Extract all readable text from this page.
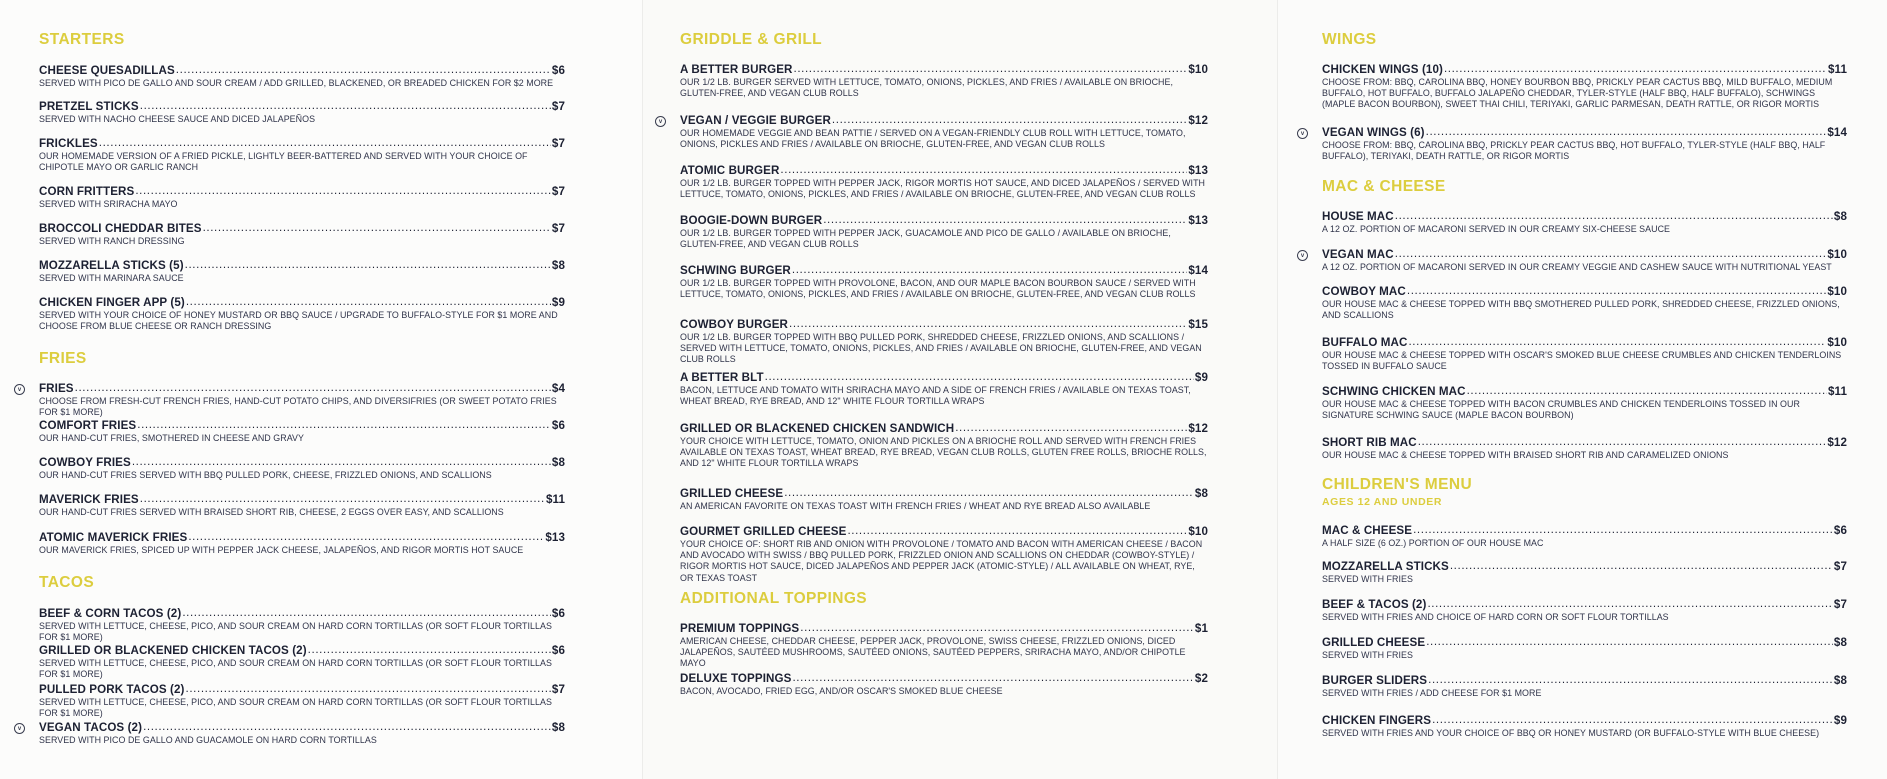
STARTERS
FRIES
TACOS
GRIDDLE & GRILL
ADDITIONAL TOPPINGS
WINGS
MAC & CHEESE
CHILDREN'S MENU
AGES 12 AND UNDER
CHEESE QUESADILLAS .....	$6
SERVED WITH PICO DE GALLO AND SOUR CREAM / ADD GRILLED, BLACKENED, OR BREADED CHICKEN FOR $2 MORE
PRETZEL STICKS .....	$7
SERVED WITH NACHO CHEESE SAUCE AND DICED JALAPEÑOS
FRICKLES .....	$7
OUR HOMEMADE VERSION OF A FRIED PICKLE, LIGHTLY BEER-BATTERED AND SERVED WITH YOUR CHOICE OF CHIPOTLE MAYO OR GARLIC RANCH
CORN FRITTERS .....	$7
SERVED WITH SRIRACHA MAYO
BROCCOLI CHEDDAR BITES .....	$7
SERVED WITH RANCH DRESSING
MOZZARELLA STICKS (5) .....	$8
SERVED WITH MARINARA SAUCE
CHICKEN FINGER APP (5) .....	$9
SERVED WITH YOUR CHOICE OF HONEY MUSTARD OR BBQ SAUCE / UPGRADE TO BUFFALO-STYLE FOR $1 MORE AND CHOOSE FROM BLUE CHEESE OR RANCH DRESSING
FRIES .....	$4
CHOOSE FROM FRESH-CUT FRENCH FRIES, HAND-CUT POTATO CHIPS, AND DIVERSIFRIES (OR SWEET POTATO FRIES FOR $1 MORE)
v
COMFORT FRIES .....	$6
OUR HAND-CUT FRIES, SMOTHERED IN CHEESE AND GRAVY
COWBOY FRIES .....	$8
OUR HAND-CUT FRIES SERVED WITH BBQ PULLED PORK, CHEESE, FRIZZLED ONIONS, AND SCALLIONS
MAVERICK FRIES .....	$11
OUR HAND-CUT FRIES SERVED WITH BRAISED SHORT RIB, CHEESE, 2 EGGS OVER EASY, AND SCALLIONS
ATOMIC MAVERICK FRIES .....	$13
OUR MAVERICK FRIES, SPICED UP WITH PEPPER JACK CHEESE, JALAPEÑOS, AND RIGOR MORTIS HOT SAUCE
BEEF & CORN TACOS (2) .....	$6
SERVED WITH LETTUCE, CHEESE, PICO, AND SOUR CREAM ON HARD CORN TORTILLAS (OR SOFT FLOUR TORTILLAS FOR $1 MORE)
GRILLED OR BLACKENED CHICKEN TACOS (2) .....	$6
SERVED WITH LETTUCE, CHEESE, PICO, AND SOUR CREAM ON HARD CORN TORTILLAS (OR SOFT FLOUR TORTILLAS FOR $1 MORE)
PULLED PORK TACOS (2) .....	$7
SERVED WITH LETTUCE, CHEESE, PICO, AND SOUR CREAM ON HARD CORN TORTILLAS (OR SOFT FLOUR TORTILLAS FOR $1 MORE)
VEGAN TACOS (2) .....	$8
SERVED WITH PICO DE GALLO AND GUACAMOLE ON HARD CORN TORTILLAS
v
A BETTER BURGER .....	$10
OUR 1/2 LB. BURGER SERVED WITH LETTUCE, TOMATO, ONIONS, PICKLES, AND FRIES / AVAILABLE ON BRIOCHE, GLUTEN-FREE, AND VEGAN CLUB ROLLS
VEGAN / VEGGIE BURGER .....	$12
OUR HOMEMADE VEGGIE AND BEAN PATTIE / SERVED ON A VEGAN-FRIENDLY CLUB ROLL WITH LETTUCE, TOMATO, ONIONS, PICKLES AND FRIES / AVAILABLE ON BRIOCHE, GLUTEN-FREE, AND VEGAN CLUB ROLLS
v
ATOMIC BURGER .....	$13
OUR 1/2 LB. BURGER TOPPED WITH PEPPER JACK, RIGOR MORTIS HOT SAUCE, AND DICED JALAPEÑOS / SERVED WITH LETTUCE, TOMATO, ONIONS, PICKLES, AND FRIES / AVAILABLE ON BRIOCHE, GLUTEN-FREE, AND VEGAN CLUB ROLLS
BOOGIE-DOWN BURGER .....	$13
OUR 1/2 LB. BURGER TOPPED WITH PEPPER JACK, GUACAMOLE AND PICO DE GALLO / AVAILABLE ON BRIOCHE, GLUTEN-FREE, AND VEGAN CLUB ROLLS
SCHWING BURGER .....	$14
OUR 1/2 LB. BURGER TOPPED WITH PROVOLONE, BACON, AND OUR MAPLE BACON BOURBON SAUCE / SERVED WITH LETTUCE, TOMATO, ONIONS, PICKLES, AND FRIES / AVAILABLE ON BRIOCHE, GLUTEN-FREE, AND VEGAN CLUB ROLLS
COWBOY BURGER .....	$15
OUR 1/2 LB. BURGER TOPPED WITH BBQ PULLED PORK, SHREDDED CHEESE, FRIZZLED ONIONS, AND SCALLIONS / SERVED WITH LETTUCE, TOMATO, ONIONS, PICKLES, AND FRIES / AVAILABLE ON BRIOCHE, GLUTEN-FREE, AND VEGAN CLUB ROLLS
A BETTER BLT .....	$9
BACON, LETTUCE AND TOMATO WITH SRIRACHA MAYO AND A SIDE OF FRENCH FRIES / AVAILABLE ON TEXAS TOAST, WHEAT BREAD, RYE BREAD, AND 12" WHITE FLOUR TORTILLA WRAPS
GRILLED OR BLACKENED CHICKEN SANDWICH .....	$12
YOUR CHOICE WITH LETTUCE, TOMATO, ONION AND PICKLES ON A BRIOCHE ROLL AND SERVED WITH FRENCH FRIES AVAILABLE ON TEXAS TOAST, WHEAT BREAD, RYE BREAD, VEGAN CLUB ROLLS, GLUTEN FREE ROLLS, BRIOCHE ROLLS, AND 12" WHITE FLOUR TORTILLA WRAPS
GRILLED CHEESE .....	$8
AN AMERICAN FAVORITE ON TEXAS TOAST WITH FRENCH FRIES / WHEAT AND RYE BREAD ALSO AVAILABLE
GOURMET GRILLED CHEESE .....	$10
YOUR CHOICE OF: SHORT RIB AND ONION WITH PROVOLONE / TOMATO AND BACON WITH AMERICAN CHEESE / BACON AND AVOCADO WITH SWISS / BBQ PULLED PORK, FRIZZLED ONION AND SCALLIONS ON CHEDDAR (COWBOY-STYLE) / RIGOR MORTIS HOT SAUCE, DICED JALAPEÑOS AND PEPPER JACK (ATOMIC-STYLE) / ALL AVAILABLE ON WHEAT, RYE, OR TEXAS TOAST
PREMIUM TOPPINGS .....	$1
AMERICAN CHEESE, CHEDDAR CHEESE, PEPPER JACK, PROVOLONE, SWISS CHEESE, FRIZZLED ONIONS, DICED JALAPEÑOS, SAUTÉED MUSHROOMS, SAUTÉED ONIONS, SAUTÉED PEPPERS, SRIRACHA MAYO, AND/OR CHIPOTLE MAYO
DELUXE TOPPINGS .....	$2
BACON, AVOCADO, FRIED EGG, AND/OR OSCAR'S SMOKED BLUE CHEESE
CHICKEN WINGS (10) .....	$11
CHOOSE FROM: BBQ, CAROLINA BBQ, HONEY BOURBON BBQ, PRICKLY PEAR CACTUS BBQ, MILD BUFFALO, MEDIUM BUFFALO, HOT BUFFALO, BUFFALO JALAPEÑO CHEDDAR, TYLER-STYLE (HALF BBQ, HALF BUFFALO), SCHWINGS (MAPLE BACON BOURBON), SWEET THAI CHILI, TERIYAKI, GARLIC PARMESAN, DEATH RATTLE, OR RIGOR MORTIS
VEGAN WINGS (6) .....	$14
CHOOSE FROM: BBQ, CAROLINA BBQ, PRICKLY PEAR CACTUS BBQ, HOT BUFFALO, TYLER-STYLE (HALF BBQ, HALF BUFFALO), TERIYAKI, DEATH RATTLE, OR RIGOR MORTIS
v
HOUSE MAC .....	$8
A 12 OZ. PORTION OF MACARONI SERVED IN OUR CREAMY SIX-CHEESE SAUCE
VEGAN MAC .....	$10
A 12 OZ. PORTION OF MACARONI SERVED IN OUR CREAMY VEGGIE AND CASHEW SAUCE WITH NUTRITIONAL YEAST
v
COWBOY MAC .....	$10
OUR HOUSE MAC & CHEESE TOPPED WITH BBQ SMOTHERED PULLED PORK, SHREDDED CHEESE, FRIZZLED ONIONS, AND SCALLIONS
BUFFALO MAC .....	$10
OUR HOUSE MAC & CHEESE TOPPED WITH OSCAR'S SMOKED BLUE CHEESE CRUMBLES AND CHICKEN TENDERLOINS TOSSED IN BUFFALO SAUCE
SCHWING CHICKEN MAC .....	$11
OUR HOUSE MAC & CHEESE TOPPED WITH BACON CRUMBLES AND CHICKEN TENDERLOINS TOSSED IN OUR SIGNATURE SCHWING SAUCE (MAPLE BACON BOURBON)
SHORT RIB MAC .....	$12
OUR HOUSE MAC & CHEESE TOPPED WITH BRAISED SHORT RIB AND CARAMELIZED ONIONS
MAC & CHEESE .....	$6
A HALF SIZE (6 OZ.) PORTION OF OUR HOUSE MAC
MOZZARELLA STICKS .....	$7
SERVED WITH FRIES
BEEF & TACOS (2) .....	$7
SERVED WITH FRIES AND CHOICE OF HARD CORN OR SOFT FLOUR TORTILLAS
GRILLED CHEESE .....	$8
SERVED WITH FRIES
BURGER SLIDERS .....	$8
SERVED WITH FRIES / ADD CHEESE FOR $1 MORE
CHICKEN FINGERS .....	$9
SERVED WITH FRIES AND YOUR CHOICE OF BBQ OR HONEY MUSTARD (OR BUFFALO-STYLE WITH BLUE CHEESE)
